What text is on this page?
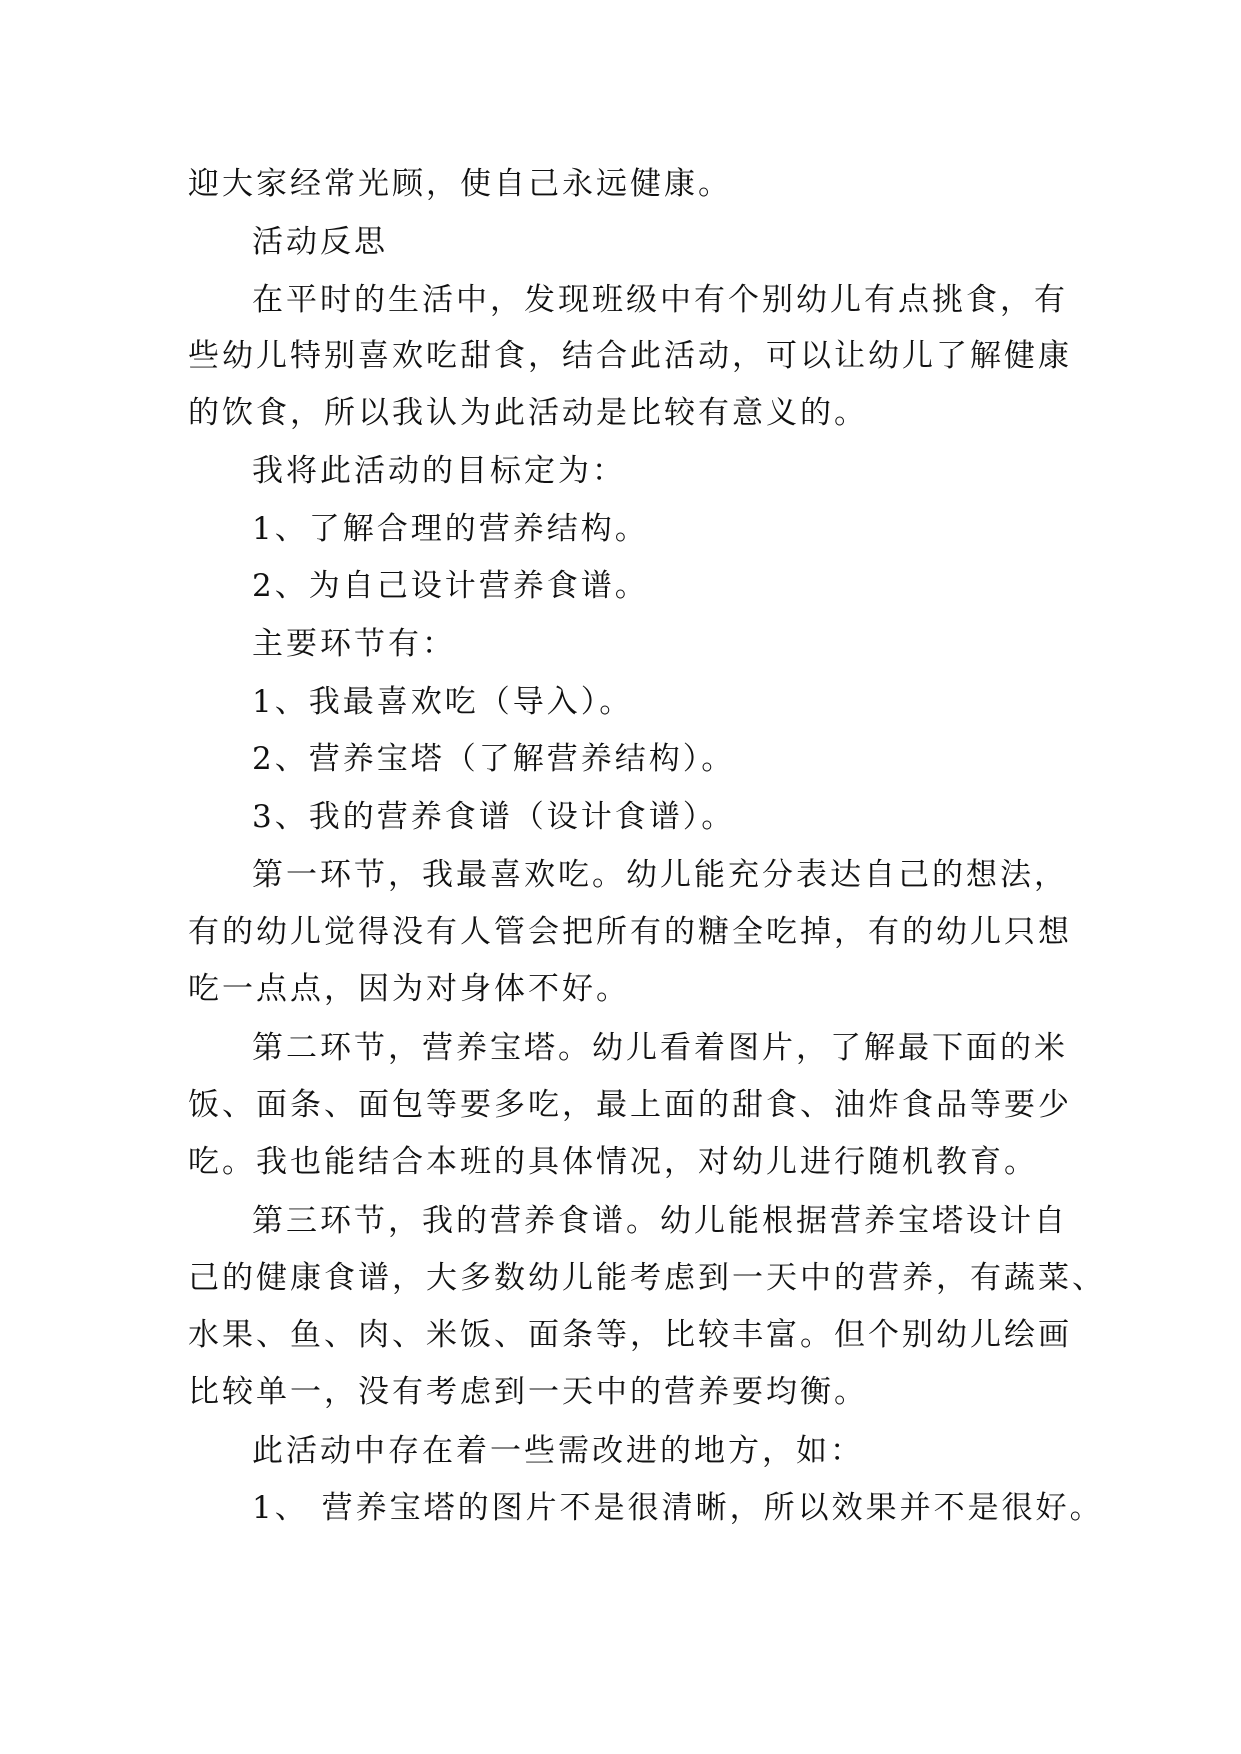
迎大家经常光顾，使自己永远健康。

活动反思

在平时的生活中，发现班级中有个别幼儿有点挑食，有

些幼儿特别喜欢吃甜食，结合此活动，可以让幼儿了解健康

的饮食，所以我认为此活动是比较有意义的。

我将此活动的目标定为：

1、了解合理的营养结构。

2、为自己设计营养食谱。

主要环节有：

1、我最喜欢吃（导入）。

2、营养宝塔（了解营养结构）。

3、我的营养食谱（设计食谱）。

第一环节，我最喜欢吃。幼儿能充分表达自己的想法，

有的幼儿觉得没有人管会把所有的糖全吃掉，有的幼儿只想

吃一点点，因为对身体不好。

第二环节，营养宝塔。幼儿看着图片，了解最下面的米

饭、面条、面包等要多吃，最上面的甜食、油炸食品等要少

吃。我也能结合本班的具体情况，对幼儿进行随机教育。

第三环节，我的营养食谱。幼儿能根据营养宝塔设计自

己的健康食谱，大多数幼儿能考虑到一天中的营养，有蔬菜、

水果、鱼、肉、米饭、面条等，比较丰富。但个别幼儿绘画

比较单一，没有考虑到一天中的营养要均衡。

此活动中存在着一些需改进的地方，如：

1、 营养宝塔的图片不是很清晰，所以效果并不是很好。
